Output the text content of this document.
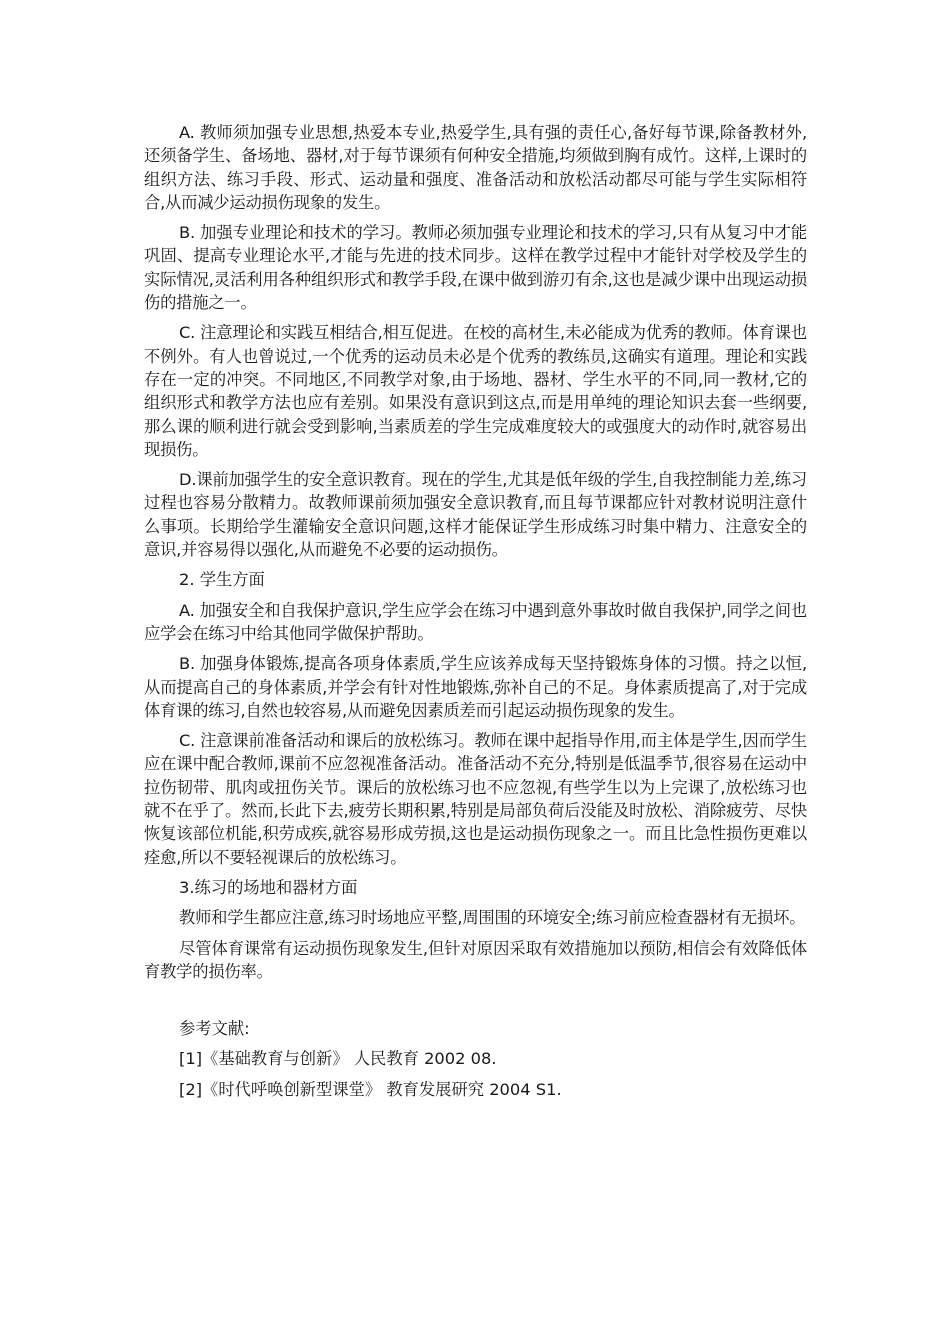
A. 教师须加强专业思想,热爱本专业,热爱学生,具有强的责任心,备好每节课,除备教材外,还须备学生、备场地、器材,对于每节课须有何种安全措施,均须做到胸有成竹。这样,上课时的组织方法、练习手段、形式、运动量和强度、准备活动和放松活动都尽可能与学生实际相符合,从而减少运动损伤现象的发生。

B. 加强专业理论和技术的学习。教师必须加强专业理论和技术的学习,只有从复习中才能巩固、提高专业理论水平,才能与先进的技术同步。这样在教学过程中才能针对学校及学生的实际情况,灵活利用各种组织形式和教学手段,在课中做到游刃有余,这也是减少课中出现运动损伤的措施之一。

C. 注意理论和实践互相结合,相互促进。在校的高材生,未必能成为优秀的教师。体育课也不例外。有人也曾说过,一个优秀的运动员未必是个优秀的教练员,这确实有道理。理论和实践存在一定的冲突。不同地区,不同教学对象,由于场地、器材、学生水平的不同,同一教材,它的组织形式和教学方法也应有差别。如果没有意识到这点,而是用单纯的理论知识去套一些纲要,那么课的顺利进行就会受到影响,当素质差的学生完成难度较大的或强度大的动作时,就容易出现损伤。

D.课前加强学生的安全意识教育。现在的学生,尤其是低年级的学生,自我控制能力差,练习过程也容易分散精力。故教师课前须加强安全意识教育,而且每节课都应针对教材说明注意什么事项。长期给学生灌输安全意识问题,这样才能保证学生形成练习时集中精力、注意安全的意识,并容易得以强化,从而避免不必要的运动损伤。

2. 学生方面

A. 加强安全和自我保护意识,学生应学会在练习中遇到意外事故时做自我保护,同学之间也应学会在练习中给其他同学做保护帮助。

B. 加强身体锻炼,提高各项身体素质,学生应该养成每天坚持锻炼身体的习惯。持之以恒,从而提高自己的身体素质,并学会有针对性地锻炼,弥补自己的不足。身体素质提高了,对于完成体育课的练习,自然也较容易,从而避免因素质差而引起运动损伤现象的发生。

C. 注意课前准备活动和课后的放松练习。教师在课中起指导作用,而主体是学生,因而学生应在课中配合教师,课前不应忽视准备活动。准备活动不充分,特别是低温季节,很容易在运动中拉伤韧带、肌肉或扭伤关节。课后的放松练习也不应忽视,有些学生以为上完课了,放松练习也就不在乎了。然而,长此下去,疲劳长期积累,特别是局部负荷后没能及时放松、消除疲劳、尽快恢复该部位机能,积劳成疾,就容易形成劳损,这也是运动损伤现象之一。而且比急性损伤更难以痊愈,所以不要轻视课后的放松练习。

3.练习的场地和器材方面

教师和学生都应注意,练习时场地应平整,周围围的环境安全;练习前应检查器材有无损坏。

尽管体育课常有运动损伤现象发生,但针对原因采取有效措施加以预防,相信会有效降低体育教学的损伤率。

参考文献:

[1]《基础教育与创新》 人民教育 2002 08.

[2]《时代呼唤创新型课堂》 教育发展研究 2004 S1.
